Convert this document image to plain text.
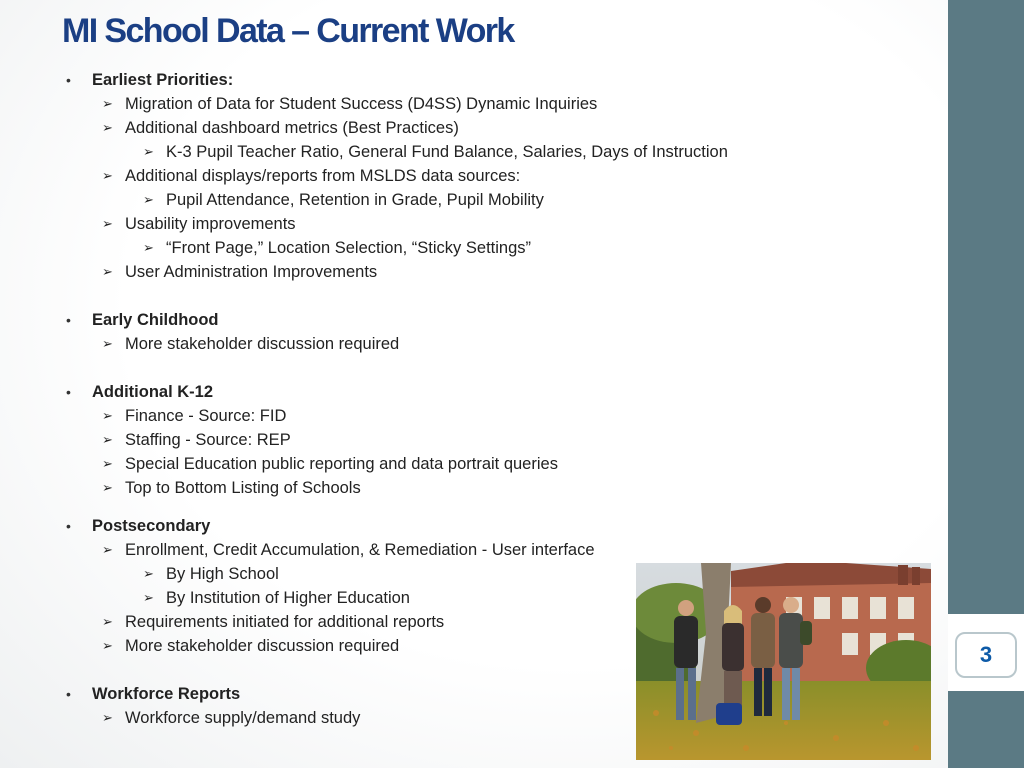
3
MI School Data – Current Work
•	Earliest Priorities:
➢ Migration of Data for Student Success (D4SS) Dynamic Inquiries
➢ Additional dashboard metrics (Best Practices)
➢ K-3 Pupil Teacher Ratio, General Fund Balance, Salaries, Days of Instruction
➢ Additional displays/reports from MSLDS data sources:
➢ Pupil Attendance, Retention in Grade, Pupil Mobility
➢ Usability improvements
➢ “Front Page,” Location Selection, “Sticky Settings”
➢ User Administration Improvements
•	Early Childhood
➢ More stakeholder discussion required
•	Additional K-12
➢ Finance - Source: FID
➢ Staffing - Source: REP
➢ Special Education public reporting and data portrait queries
➢ Top to Bottom Listing of Schools
•	Postsecondary
➢ Enrollment, Credit Accumulation, & Remediation - User interface
➢ By High School
➢ By Institution of Higher Education
➢ Requirements initiated for additional reports
➢ More stakeholder discussion required
•	Workforce Reports
➢ Workforce supply/demand study
